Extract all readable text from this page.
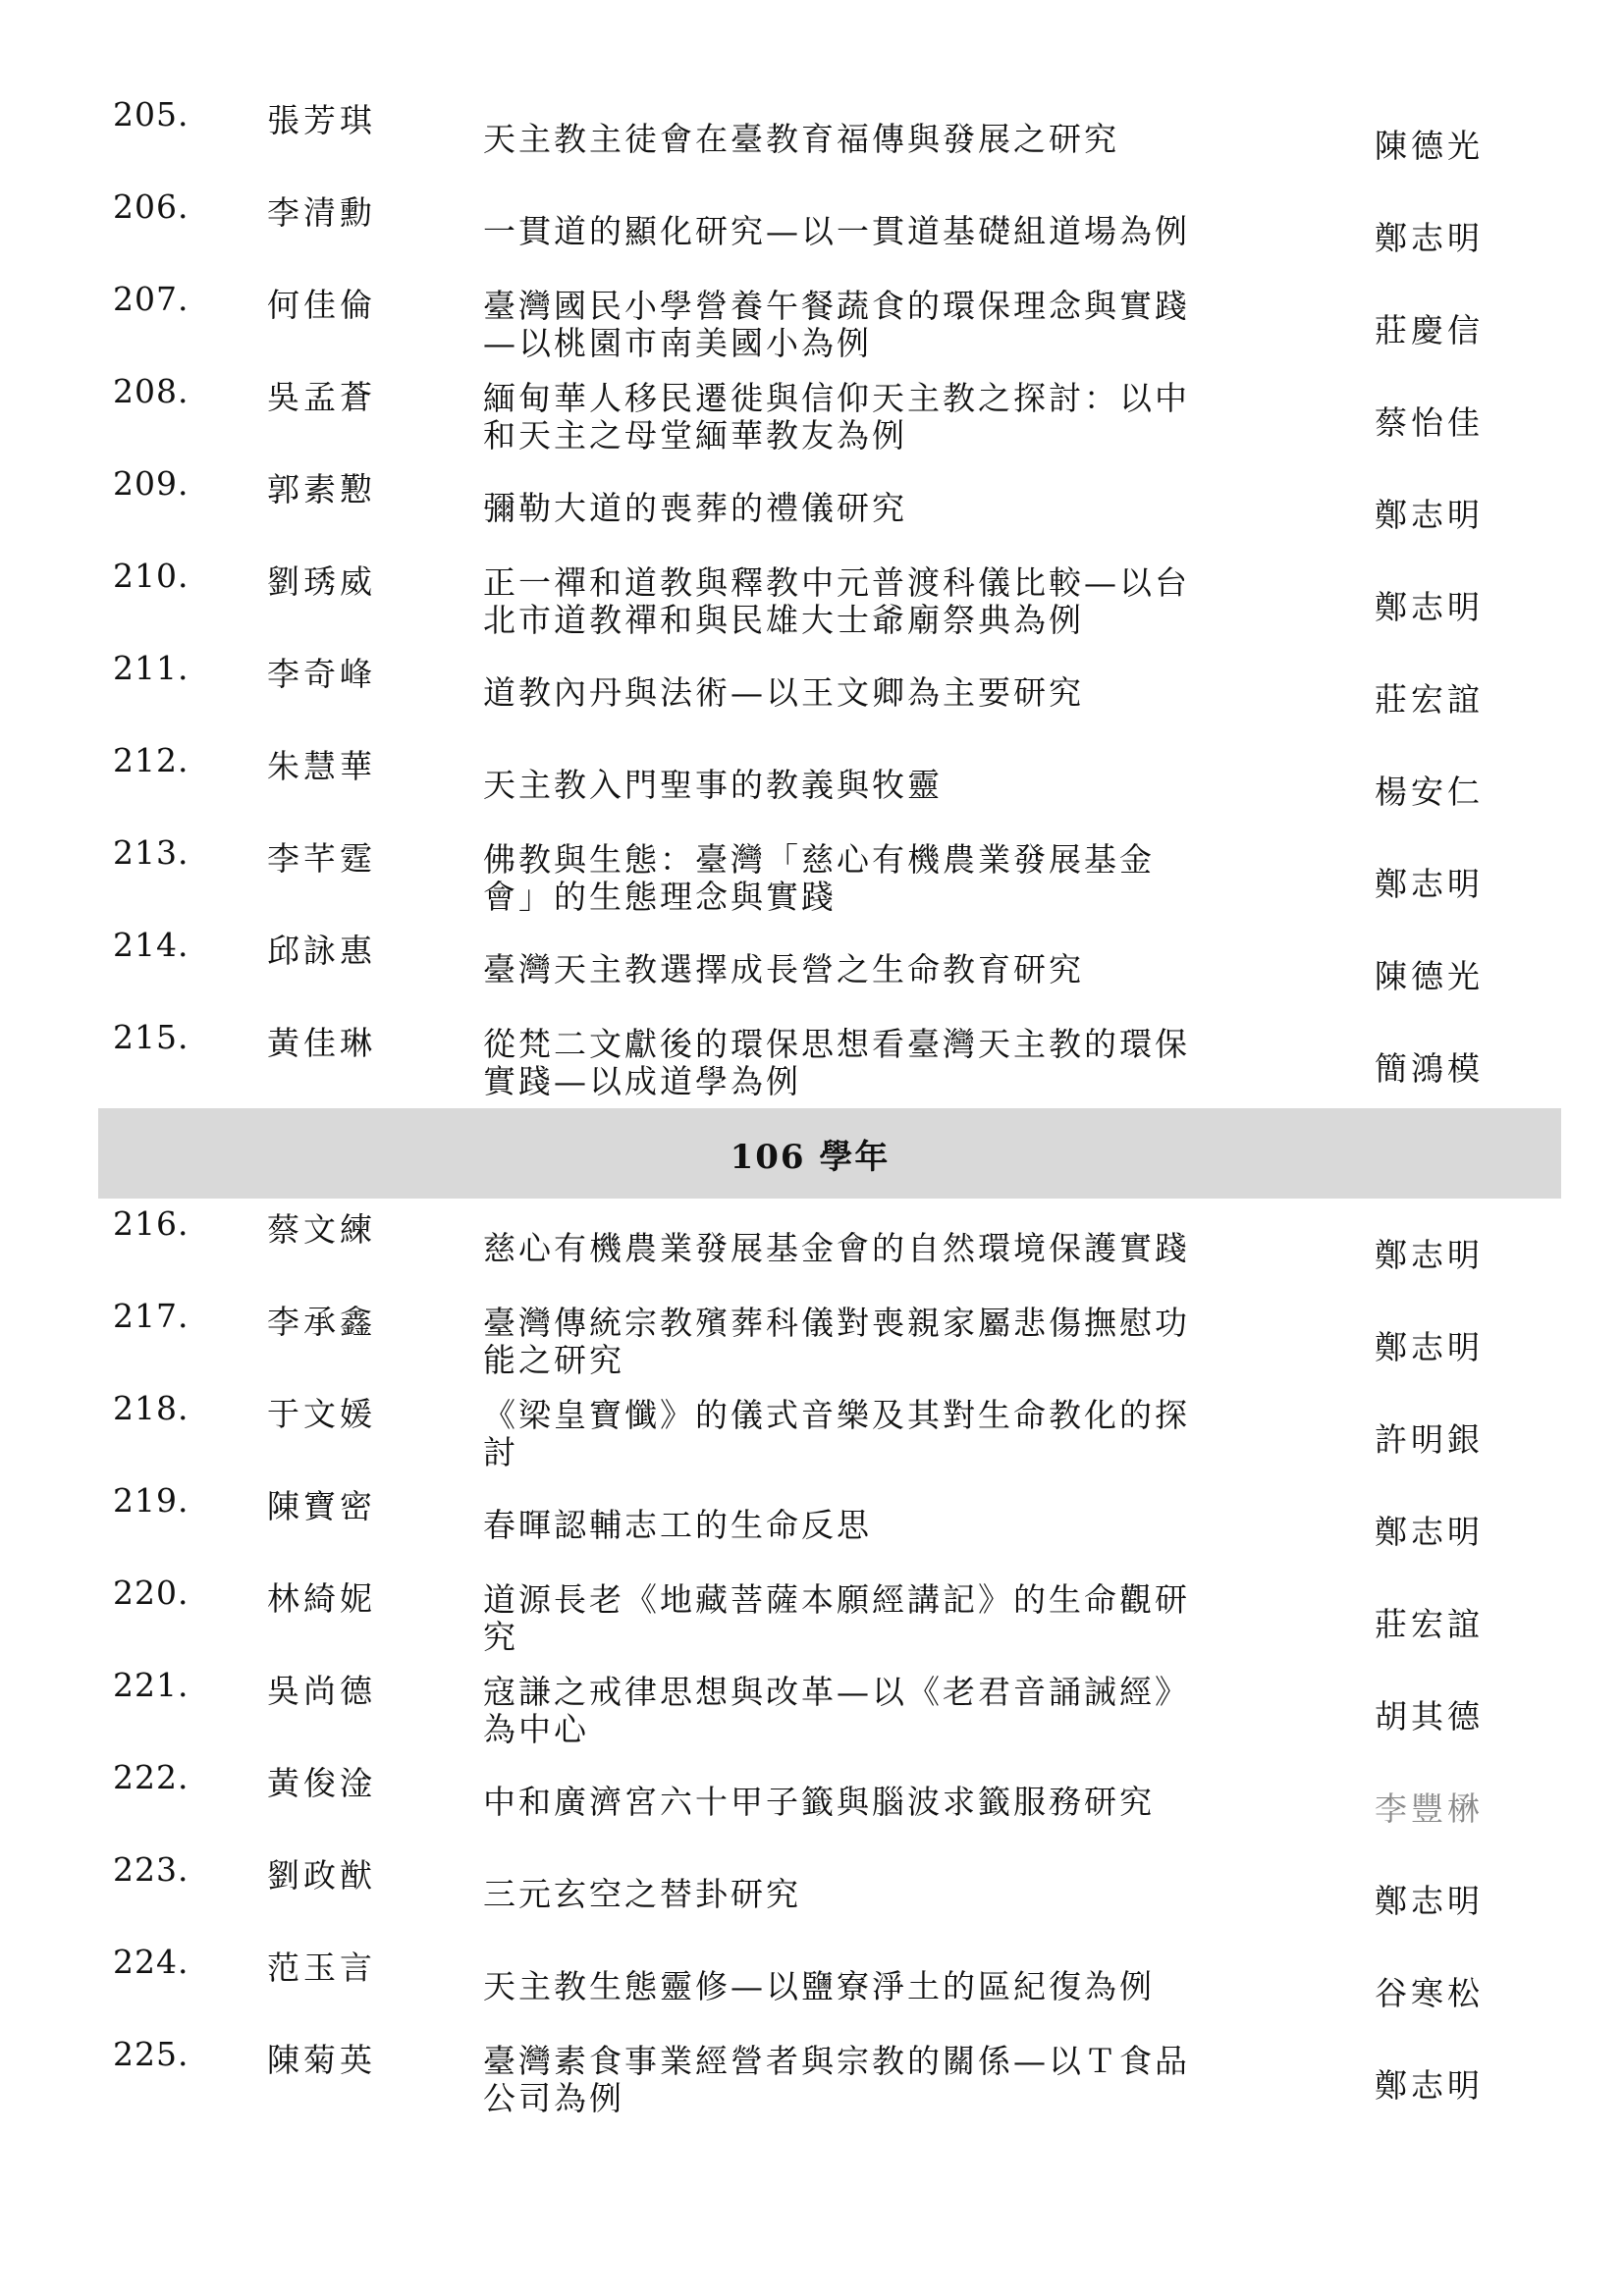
205. 張芳琪	天主教主徒會在臺教育福傳與發展之研究	陳德光
206. 李清勳	一貫道的顯化研究—以一貫道基礎組道場為例	鄭志明
207. 何佳倫	臺灣國民小學營養午餐蔬食的環保理念與實踐
—以桃園市南美國小為例	莊慶信
208. 吳孟蒼	緬甸華人移民遷徙與信仰天主教之探討：以中
和天主之母堂緬華教友為例	蔡怡佳
209. 郭素懃	彌勒大道的喪葬的禮儀研究	鄭志明
210. 劉琇威	正一禪和道教與釋教中元普渡科儀比較—以台
北市道教禪和與民雄大士爺廟祭典為例	鄭志明
211. 李奇峰	道教內丹與法術—以王文卿為主要研究	莊宏誼
212. 朱慧華	天主教入門聖事的教義與牧靈	楊安仁
213. 李芊霆	佛教與生態：臺灣「慈心有機農業發展基金
會」的生態理念與實踐	鄭志明
214. 邱詠惠	臺灣天主教選擇成長營之生命教育研究	陳德光
215. 黃佳琳	從梵二文獻後的環保思想看臺灣天主教的環保
實踐—以成道學為例	簡鴻模
106 學年
216. 蔡文練	慈心有機農業發展基金會的自然環境保護實踐	鄭志明
217. 李承鑫	臺灣傳統宗教殯葬科儀對喪親家屬悲傷撫慰功
能之研究	鄭志明
218. 于文媛	《梁皇寶懺》的儀式音樂及其對生命教化的探
討	許明銀
219. 陳寶密	春暉認輔志工的生命反思	鄭志明
220. 林綺妮	道源長老《地藏菩薩本願經講記》的生命觀研
究	莊宏誼
221. 吳尚德	寇謙之戒律思想與改革—以《老君音誦誡經》
為中心	胡其德
222. 黃俊淦	中和廣濟宮六十甲子籤與腦波求籤服務研究	李豐楙
223. 劉政猷	三元玄空之替卦研究	鄭志明
224. 范玉言	天主教生態靈修—以鹽寮淨土的區紀復為例	谷寒松
225. 陳菊英	臺灣素食事業經營者與宗教的關係—以Ｔ食品
公司為例	鄭志明
